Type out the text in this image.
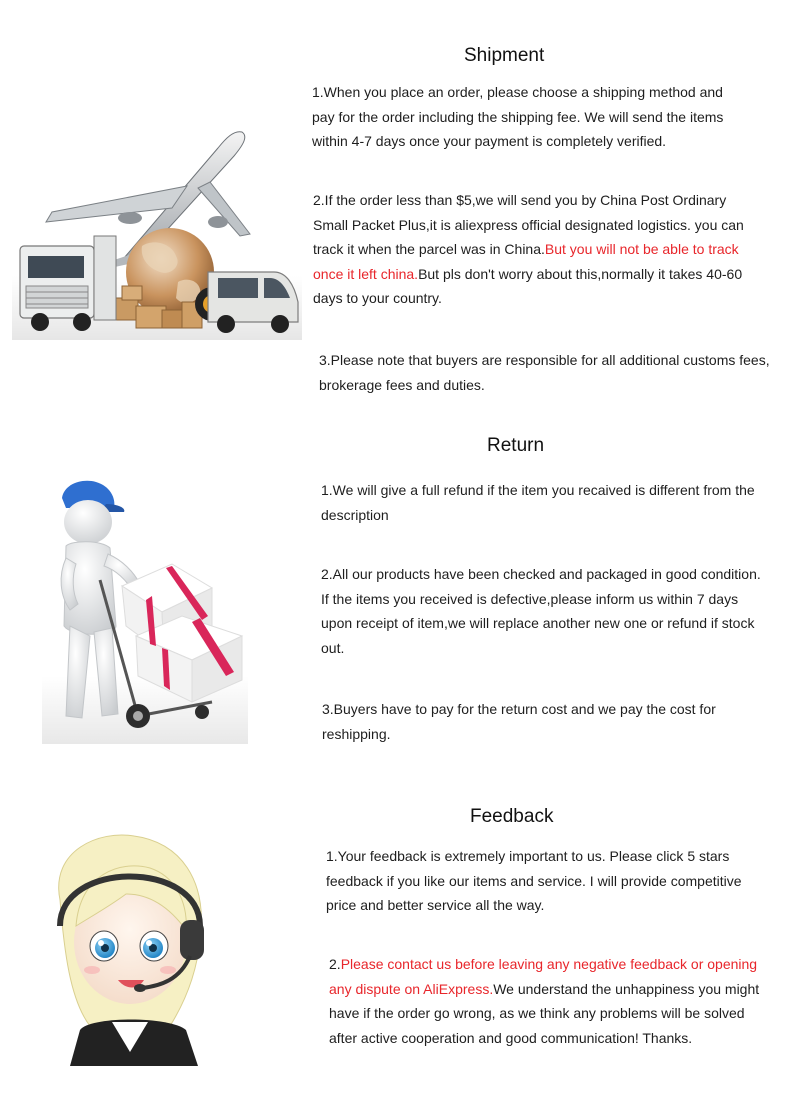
Shipment

1.When you place an order, please choose a shipping method and pay for the order including the shipping fee. We will send the items within 4-7 days once your payment is completely verified.

2.If the order less than $5,we will send you by China Post Ordinary Small Packet Plus,it is aliexpress official designated logistics. you can track it when the parcel was in China.But you will not be able to track once it left china.But pls don't worry about this,normally it takes 40-60 days to your country.

3.Please note that buyers are responsible for all additional customs fees, brokerage fees and duties.

Return

1.We will give a full refund if the item you recaived is different from the description

2.All our products have been checked and packaged in good condition. If the items you received is defective,please inform us within 7 days upon receipt of item,we will replace another new one or refund if stock out.

3.Buyers have to pay for the return cost and we pay the cost for reshipping.

Feedback

1.Your feedback is extremely important to us. Please click 5 stars feedback if you like our items and service. I will provide competitive price and better service all the way.

2.Please contact us before leaving any negative feedback or opening any dispute on AliExpress.We understand the unhappiness you might have if the order go wrong, as we think any problems will be solved after active cooperation and good communication! Thanks.
